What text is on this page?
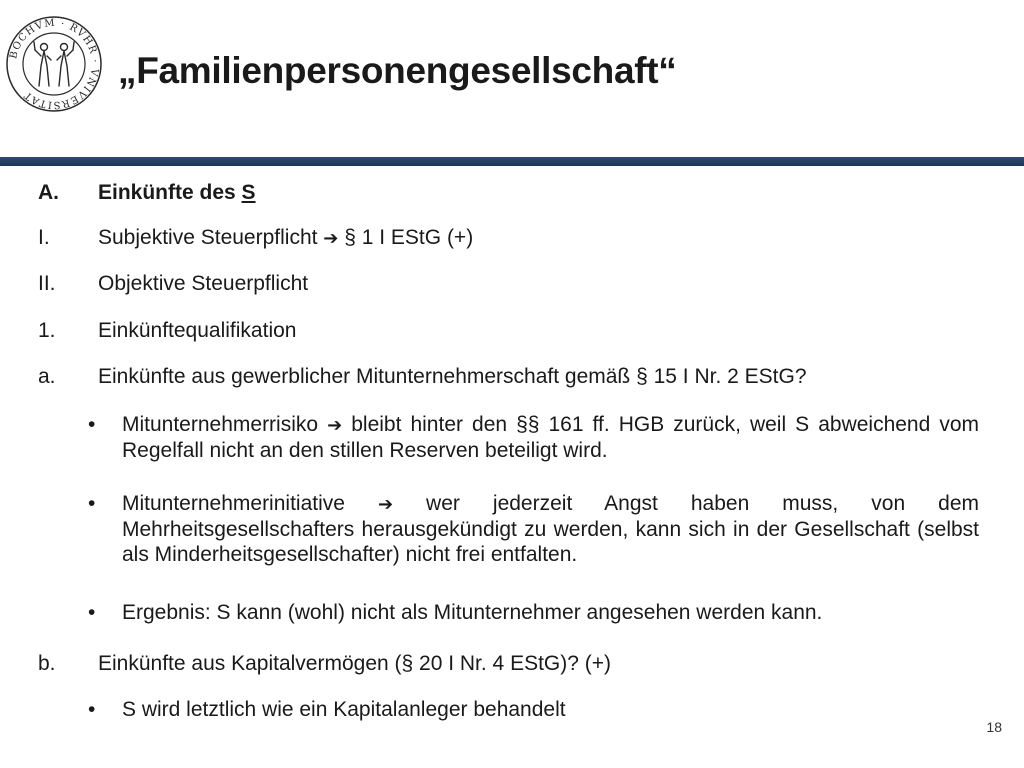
BOCHVM · RVHR · VNIVERSITAT
„Familienpersonengesellschaft“
A. Einkünfte des S
I. Subjektive Steuerpflicht ➔ § 1 I EStG (+)
II. Objektive Steuerpflicht
1. Einkünftequalifikation
a. Einkünfte aus gewerblicher Mitunternehmerschaft gemäß § 15 I Nr. 2 EStG?
• Mitunternehmerrisiko ➔ bleibt hinter den §§ 161 ff. HGB zurück, weil S abweichend vom Regelfall nicht an den stillen Reserven beteiligt wird.
• Mitunternehmerinitiative ➔ wer jederzeit Angst haben muss, von dem Mehrheitsgesellschafters herausgekündigt zu werden, kann sich in der Gesellschaft (selbst als Minderheitsgesellschafter) nicht frei entfalten.
• Ergebnis: S kann (wohl) nicht als Mitunternehmer angesehen werden kann.
b. Einkünfte aus Kapitalvermögen (§ 20 I Nr. 4 EStG)? (+)
• S wird letztlich wie ein Kapitalanleger behandelt
18
